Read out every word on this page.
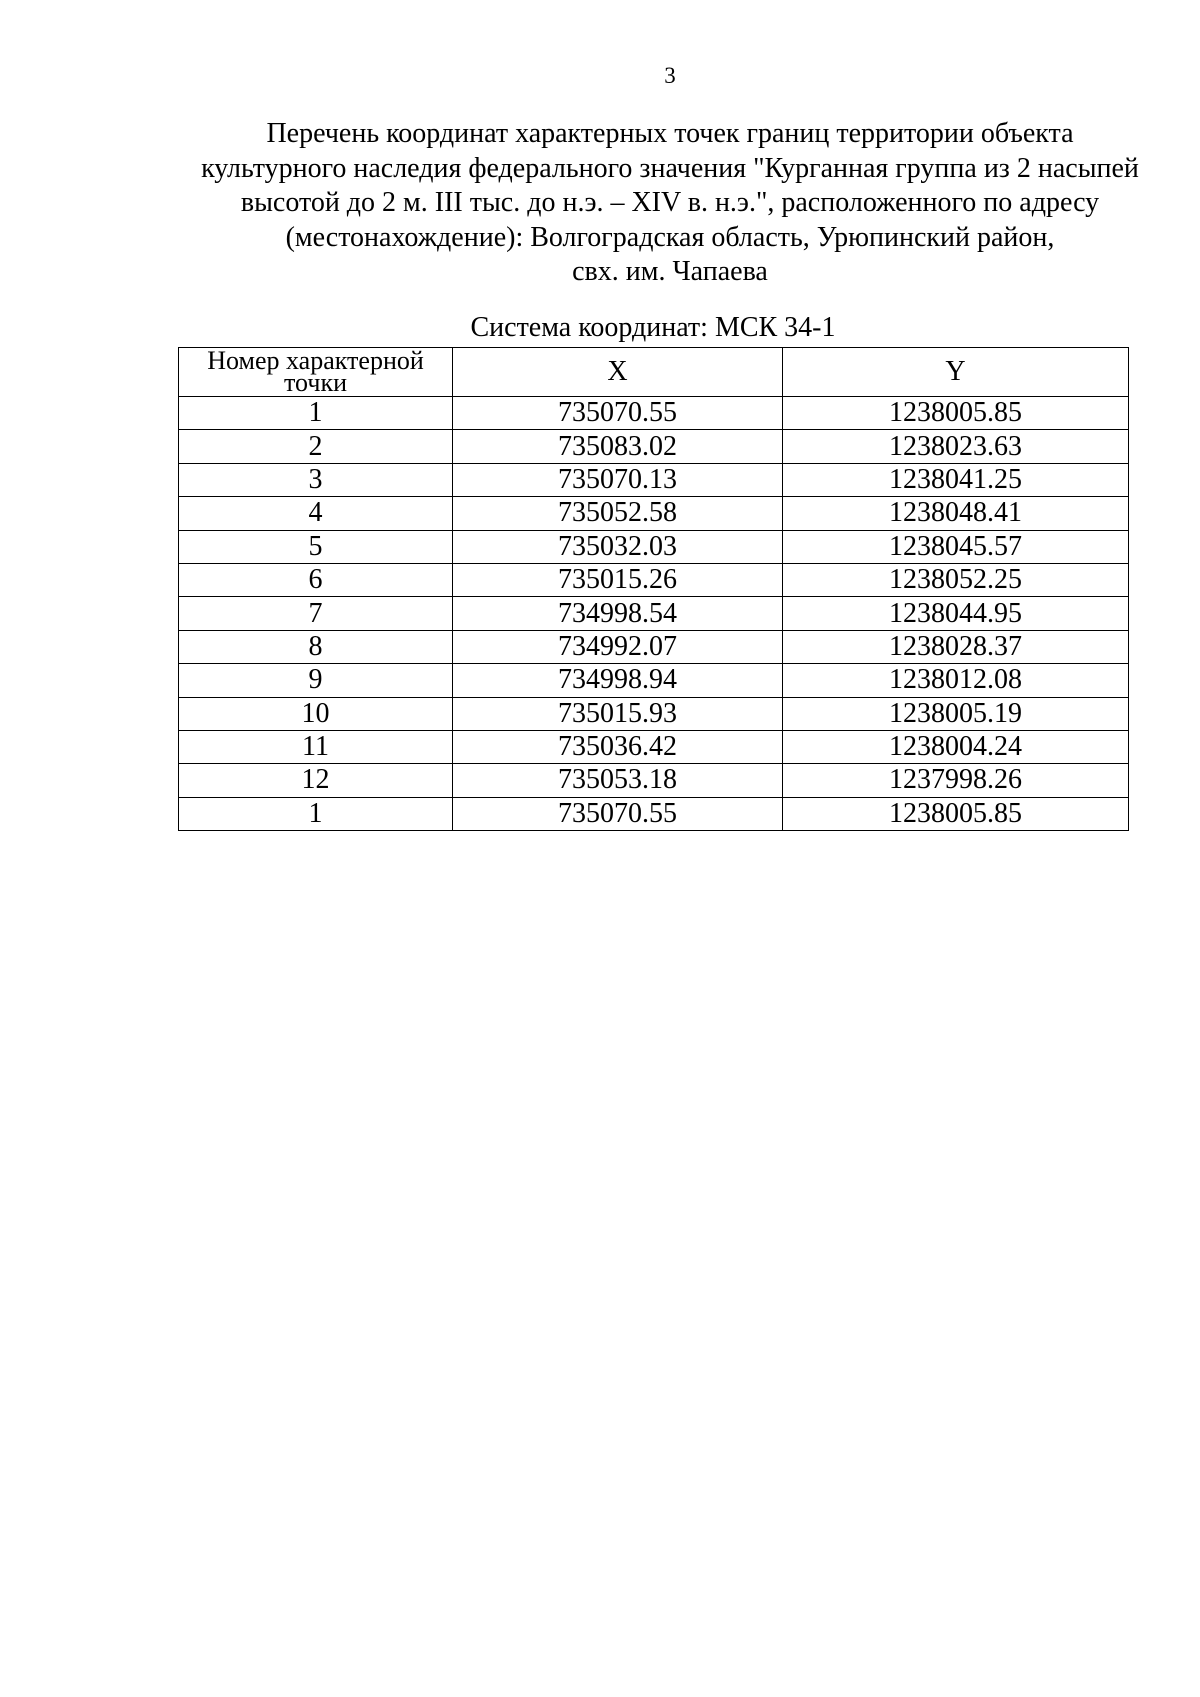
3
Перечень координат характерных точек границ территории объекта
культурного наследия федерального значения "Курганная группа из 2 насыпей
высотой до 2 м. III тыс. до н.э. – XIV в. н.э.", расположенного по адресу
(местонахождение): Волгоградская область, Урюпинский район,
свх. им. Чапаева
Система координат: МСК 34-1
Номер характерной точки	X	Y
1	735070.55	1238005.85
2	735083.02	1238023.63
3	735070.13	1238041.25
4	735052.58	1238048.41
5	735032.03	1238045.57
6	735015.26	1238052.25
7	734998.54	1238044.95
8	734992.07	1238028.37
9	734998.94	1238012.08
10	735015.93	1238005.19
11	735036.42	1238004.24
12	735053.18	1237998.26
1	735070.55	1238005.85
